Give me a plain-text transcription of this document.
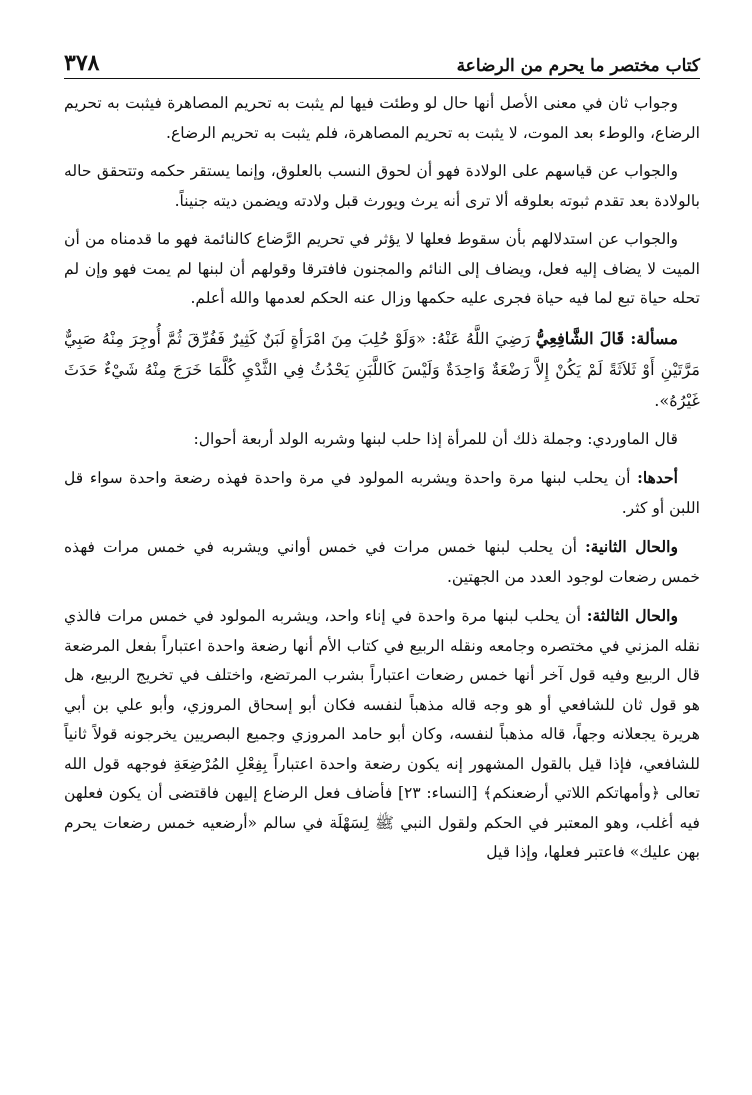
كتاب مختصر ما يحرم من الرضاعة
٣٧٨

وجواب ثان في معنى الأصل أنها حال لو وطئت فيها لم يثبت به تحريم المصاهرة فيثبت به تحريم الرضاع، والوطء بعد الموت، لا يثبت به تحريم المصاهرة، فلم يثبت به تحريم الرضاع.

والجواب عن قياسهم على الولادة فهو أن لحوق النسب بالعلوق، وإنما يستقر حكمه وتتحقق حاله بالولادة بعد تقدم ثبوته بعلوقه ألا ترى أنه يرث ويورث قبل ولادته ويضمن ديته جنيناً.

والجواب عن استدلالهم بأن سقوط فعلها لا يؤثر في تحريم الرَّضاع كالنائمة فهو ما قدمناه من أن الميت لا يضاف إليه فعل، ويضاف إلى النائم والمجنون فافترقا وقولهم أن لبنها لم يمت فهو وإن لم تحله حياة تبع لما فيه حياة فجرى عليه حكمها وزال عنه الحكم لعدمها والله أعلم.

مسألة: قَالَ الشَّافِعِيُّ رَضِيَ اللَّهُ عَنْهُ: «وَلَوْ حُلِبَ مِنَ امْرَأةٍ لَبَنٌ كَثِيرٌ فَفُرِّقَ ثُمَّ أُوجِرَ مِنْهُ صَبِيٌّ مَرَّتَيْنِ أَوْ ثَلاَثَةً لَمْ يَكُنْ إِلاَّ رَضْعَةٌ وَاحِدَةٌ وَلَيْسَ كَاللَّبَنِ يَحْدُثُ فِي الثَّدْيِ كُلَّمَا خَرَجَ مِنْهُ شَيْءٌ حَدَثَ غَيْرُهُ».

قال الماوردي: وجملة ذلك أن للمرأة إذا حلب لبنها وشربه الولد أربعة أحوال:

أحدها: أن يحلب لبنها مرة واحدة ويشربه المولود في مرة واحدة فهذه رضعة واحدة سواء قل اللبن أو كثر.

والحال الثانية: أن يحلب لبنها خمس مرات في خمس أواني ويشربه في خمس مرات فهذه خمس رضعات لوجود العدد من الجهتين.

والحال الثالثة: أن يحلب لبنها مرة واحدة في إناء واحد، ويشربه المولود في خمس مرات فالذي نقله المزني في مختصره وجامعه ونقله الربيع في كتاب الأم أنها رضعة واحدة اعتباراً بفعل المرضعة قال الربيع وفيه قول آخر أنها خمس رضعات اعتباراً بشرب المرتضع، واختلف في تخريج الربيع، هل هو قول ثان للشافعي أو هو وجه قاله مذهباً لنفسه فكان أبو إسحاق المروزي، وأبو علي بن أبي هريرة يجعلانه وجهاً، قاله مذهباً لنفسه، وكان أبو حامد المروزي وجميع البصريين يخرجونه قولاً ثانياً للشافعي، فإذا قيل بالقول المشهور إنه يكون رضعة واحدة اعتباراً بِفِعْلِ المُرْضِعَةِ فوجهه قول الله تعالى ﴿وأمهاتكم اللاتي أرضعنكم﴾ [النساء: ٢٣] فأضاف فعل الرضاع إليهن فاقتضى أن يكون فعلهن فيه أغلب، وهو المعتبر في الحكم ولقول النبي ﷺ لِسَهْلَة في سالم «أرضعيه خمس رضعات يحرم بهن عليك» فاعتبر فعلها، وإذا قيل
